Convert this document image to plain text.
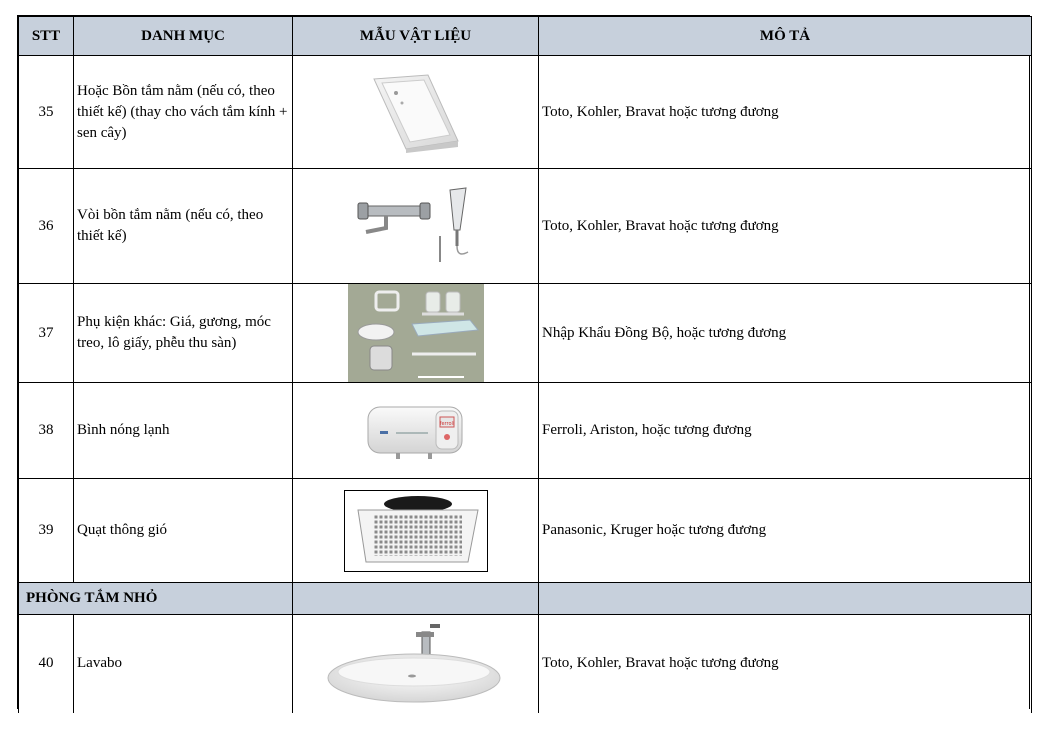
STT	DANH MỤC	MẪU VẬT LIỆU	MÔ TẢ
35	Hoặc Bồn tắm nằm (nếu có, theo thiết kế) (thay cho vách tắm kính + sen cây)		Toto, Kohler, Bravat hoặc tương đương
36	Vòi bồn tắm nằm (nếu có, theo thiết kế)		Toto, Kohler, Bravat hoặc tương đương
37	Phụ kiện khác: Giá, gương, móc treo, lô giấy, phễu thu sàn)		Nhập Khẩu Đồng Bộ, hoặc tương đương
38	Bình nóng lạnh	ferroli	Ferroli, Ariston, hoặc tương đương
39	Quạt thông gió		Panasonic, Kruger hoặc tương đương
PHÒNG TẮM NHỎ			
40	Lavabo		Toto, Kohler, Bravat hoặc tương đương
